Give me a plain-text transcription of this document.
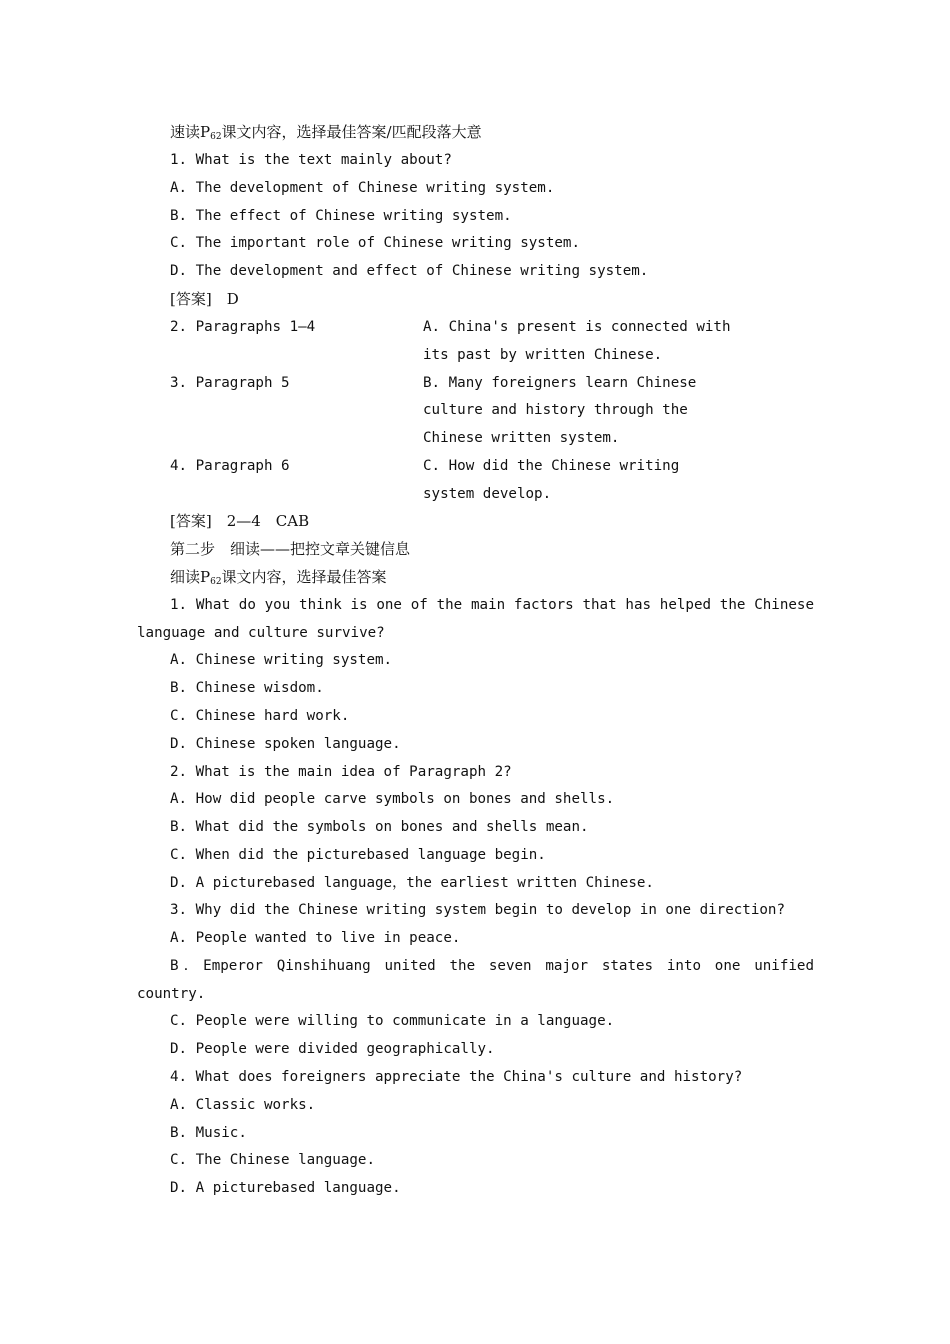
速读$P_{62}$课文内容，选择最佳答案/匹配段落大意
1. What is the text mainly about?
A. The development of Chinese writing system.
B. The effect of Chinese writing system.
C. The important role of Chinese writing system.
D. The development and effect of Chinese writing system.
[答案]　D
2. Paragraphs 1—4	A. China's present is connected with
its past by written Chinese.
3. Paragraph 5	B. Many foreigners learn Chinese
culture and history through the
Chinese written system.
4. Paragraph 6	C. How did the Chinese writing
system develop.
[答案]　2—4　CAB
第二步　细读——把控文章关键信息
细读$P_{62}$课文内容，选择最佳答案
1. What do you think is one of the main factors that has helped the Chinese
language and culture survive?
A. Chinese writing system.
B. Chinese wisdom.
C. Chinese hard work.
D. Chinese spoken language.
2. What is the main idea of Paragraph 2?
A. How did people carve symbols on bones and shells.
B. What did the symbols on bones and shells mean.
C. When did the picturebased language begin.
D. A picturebased language，the earliest written Chinese.
3. Why did the Chinese writing system begin to develop in one direction?
A. People wanted to live in peace.
B．Emperor Qinshihuang united the seven major states into one unified
country.
C. People were willing to communicate in a language.
D. People were divided geographically.
4. What does foreigners appreciate the China's culture and history?
A. Classic works.
B. Music.
C. The Chinese language.
D. A picturebased language.
